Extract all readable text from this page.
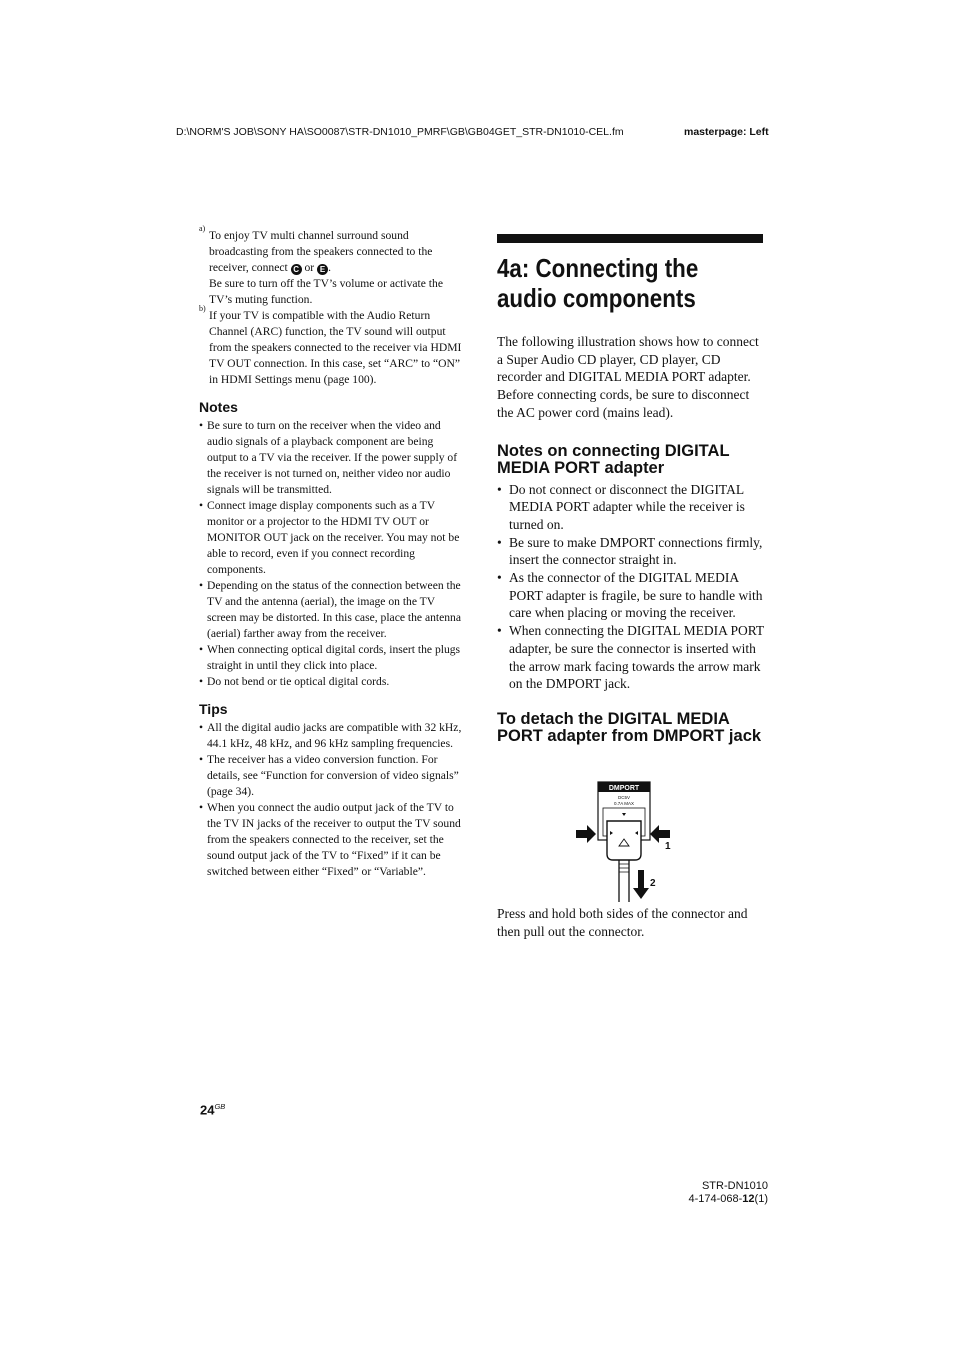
D:\NORM'S JOB\SONY HA\SO0087\STR-DN1010_PMRF\GB\GB04GET_STR-DN1010-CEL.fm	masterpage: Left
a)
To enjoy TV multi channel surround sound broadcasting from the speakers connected to the receiver, connect C or E .
Be sure to turn off the TV’s volume or activate the TV’s muting function.
b)
If your TV is compatible with the Audio Return Channel (ARC) function, the TV sound will output from the speakers connected to the receiver via HDMI TV OUT connection. In this case, set “ARC” to “ON” in HDMI Settings menu (page 100).
Notes
• Be sure to turn on the receiver when the video and audio signals of a playback component are being output to a TV via the receiver. If the power supply of the receiver is not turned on, neither video nor audio signals will be transmitted.
• Connect image display components such as a TV monitor or a projector to the HDMI TV OUT or MONITOR OUT jack on the receiver. You may not be able to record, even if you connect recording components.
• Depending on the status of the connection between the TV and the antenna (aerial), the image on the TV screen may be distorted. In this case, place the antenna (aerial) farther away from the receiver.
• When connecting optical digital cords, insert the plugs straight in until they click into place.
• Do not bend or tie optical digital cords.
Tips
• All the digital audio jacks are compatible with 32 kHz, 44.1 kHz, 48 kHz, and 96 kHz sampling frequencies.
• The receiver has a video conversion function. For details, see “Function for conversion of video signals” (page 34).
• When you connect the audio output jack of the TV to the TV IN jacks of the receiver to output the TV sound from the speakers connected to the receiver, set the sound output jack of the TV to “Fixed” if it can be switched between either “Fixed” or “Variable”.
4a: Connecting the audio components

The following illustration shows how to connect a Super Audio CD player, CD player, CD recorder and DIGITAL MEDIA PORT adapter. Before connecting cords, be sure to disconnect the AC power cord (mains lead).

Notes on connecting DIGITAL MEDIA PORT adapter
• Do not connect or disconnect the DIGITAL MEDIA PORT adapter while the receiver is turned on.
• Be sure to make DMPORT connections firmly, insert the connector straight in.
• As the connector of the DIGITAL MEDIA PORT adapter is fragile, be sure to handle with care when placing or moving the receiver.
• When connecting the DIGITAL MEDIA PORT adapter, be sure the connector is inserted with the arrow mark facing towards the arrow mark on the DMPORT jack.
To detach the DIGITAL MEDIA PORT adapter from DMPORT jack
DMPORT
DC5V
0.7A MAX
1
2

Press and hold both sides of the connector and then pull out the connector.

$24^{GB}$
STR-DN1010
4-174-068-12(1)
